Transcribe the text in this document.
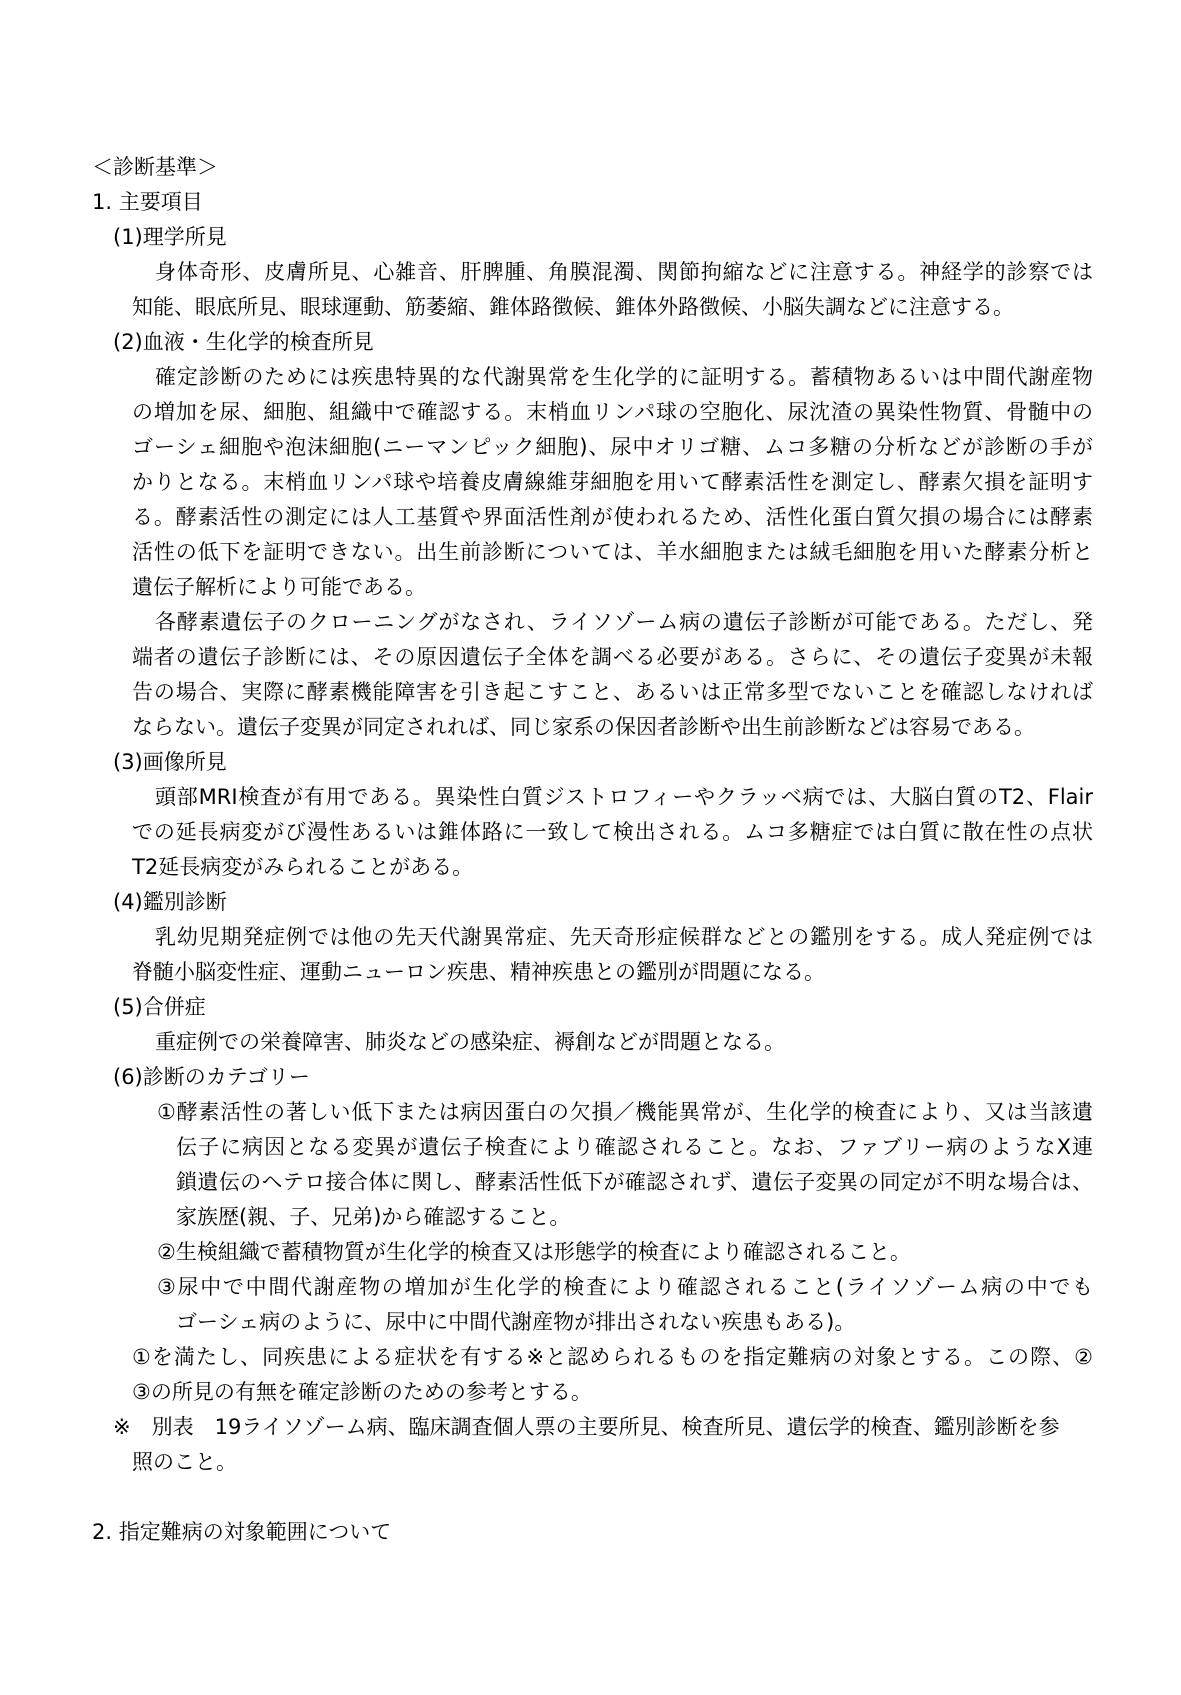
＜診断基準＞
1. 主要項目
(1)理学所見
身体奇形、皮膚所見、心雑音、肝脾腫、角膜混濁、関節拘縮などに注意する。神経学的診察では
知能、眼底所見、眼球運動、筋萎縮、錐体路徴候、錐体外路徴候、小脳失調などに注意する。
(2)血液・生化学的検査所見
確定診断のためには疾患特異的な代謝異常を生化学的に証明する。蓄積物あるいは中間代謝産物
の増加を尿、細胞、組織中で確認する。末梢血リンパ球の空胞化、尿沈渣の異染性物質、骨髄中の
ゴーシェ細胞や泡沫細胞(ニーマンピック細胞)、尿中オリゴ糖、ムコ多糖の分析などが診断の手が
かりとなる。末梢血リンパ球や培養皮膚線維芽細胞を用いて酵素活性を測定し、酵素欠損を証明す
る。酵素活性の測定には人工基質や界面活性剤が使われるため、活性化蛋白質欠損の場合には酵素
活性の低下を証明できない。出生前診断については、羊水細胞または絨毛細胞を用いた酵素分析と
遺伝子解析により可能である。
各酵素遺伝子のクローニングがなされ、ライソゾーム病の遺伝子診断が可能である。ただし、発
端者の遺伝子診断には、その原因遺伝子全体を調べる必要がある。さらに、その遺伝子変異が未報
告の場合、実際に酵素機能障害を引き起こすこと、あるいは正常多型でないことを確認しなければ
ならない。遺伝子変異が同定されれば、同じ家系の保因者診断や出生前診断などは容易である。
(3)画像所見
頭部MRI検査が有用である。異染性白質ジストロフィーやクラッベ病では、大脳白質のT2、Flair
での延長病変がび漫性あるいは錐体路に一致して検出される。ムコ多糖症では白質に散在性の点状
T2延長病変がみられることがある。
(4)鑑別診断
乳幼児期発症例では他の先天代謝異常症、先天奇形症候群などとの鑑別をする。成人発症例では
脊髄小脳変性症、運動ニューロン疾患、精神疾患との鑑別が問題になる。
(5)合併症
重症例での栄養障害、肺炎などの感染症、褥創などが問題となる。
(6)診断のカテゴリー
①酵素活性の著しい低下または病因蛋白の欠損／機能異常が、生化学的検査により、又は当該遺
伝子に病因となる変異が遺伝子検査により確認されること。なお、ファブリー病のようなX連
鎖遺伝のヘテロ接合体に関し、酵素活性低下が確認されず、遺伝子変異の同定が不明な場合は、
家族歴(親、子、兄弟)から確認すること。
②生検組織で蓄積物質が生化学的検査又は形態学的検査により確認されること。
③尿中で中間代謝産物の増加が生化学的検査により確認されること(ライソゾーム病の中でも
ゴーシェ病のように、尿中に中間代謝産物が排出されない疾患もある)。
①を満たし、同疾患による症状を有する※と認められるものを指定難病の対象とする。この際、②
③の所見の有無を確定診断のための参考とする。
※　別表　19ライソゾーム病、臨床調査個人票の主要所見、検査所見、遺伝学的検査、鑑別診断を参
照のこと。
2. 指定難病の対象範囲について
